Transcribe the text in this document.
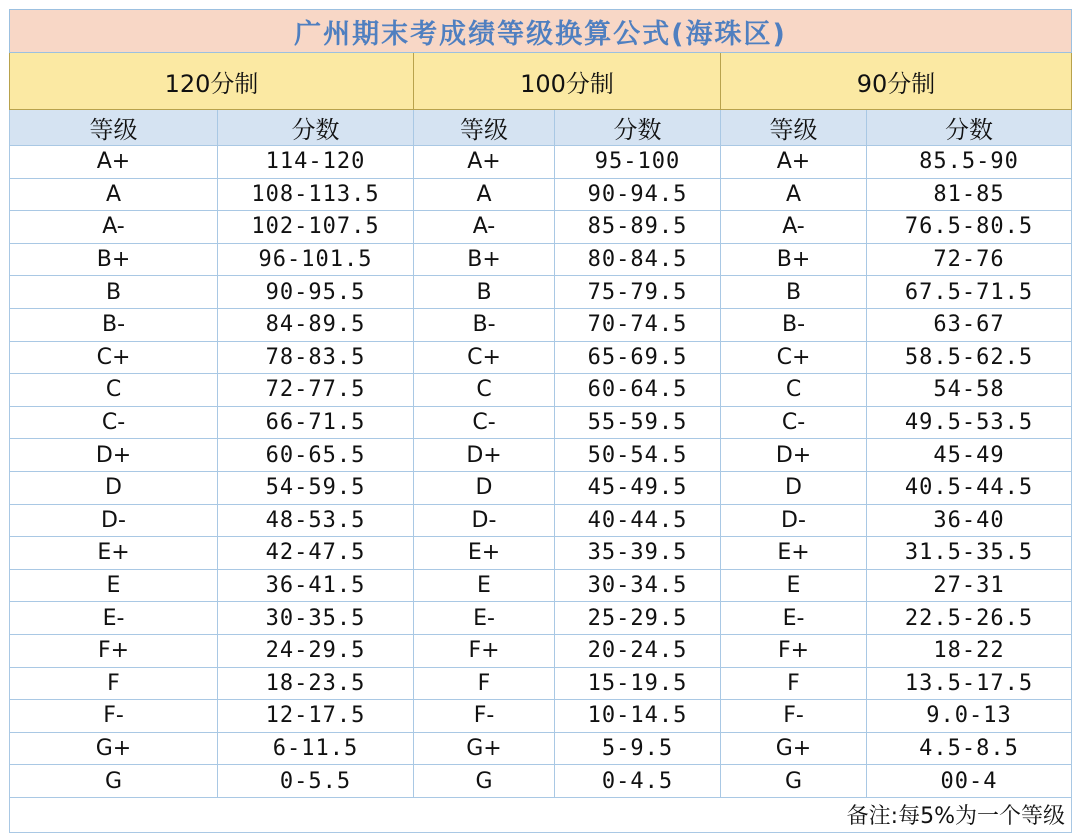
广州期末考成绩等级换算公式(海珠区)					
120分制		100分制		90分制	
等级	分数	等级	分数	等级	分数
A+	114-120	A+	95-100	A+	85.5-90
A	108-113.5	A	90-94.5	A	81-85
A-	102-107.5	A-	85-89.5	A-	76.5-80.5
B+	96-101.5	B+	80-84.5	B+	72-76
B	90-95.5	B	75-79.5	B	67.5-71.5
B-	84-89.5	B-	70-74.5	B-	63-67
C+	78-83.5	C+	65-69.5	C+	58.5-62.5
C	72-77.5	C	60-64.5	C	54-58
C-	66-71.5	C-	55-59.5	C-	49.5-53.5
D+	60-65.5	D+	50-54.5	D+	45-49
D	54-59.5	D	45-49.5	D	40.5-44.5
D-	48-53.5	D-	40-44.5	D-	36-40
E+	42-47.5	E+	35-39.5	E+	31.5-35.5
E	36-41.5	E	30-34.5	E	27-31
E-	30-35.5	E-	25-29.5	E-	22.5-26.5
F+	24-29.5	F+	20-24.5	F+	18-22
F	18-23.5	F	15-19.5	F	13.5-17.5
F-	12-17.5	F-	10-14.5	F-	9.0-13
G+	6-11.5	G+	5-9.5	G+	4.5-8.5
G	0-5.5	G	0-4.5	G	00-4
备注:每5%为一个等级					
